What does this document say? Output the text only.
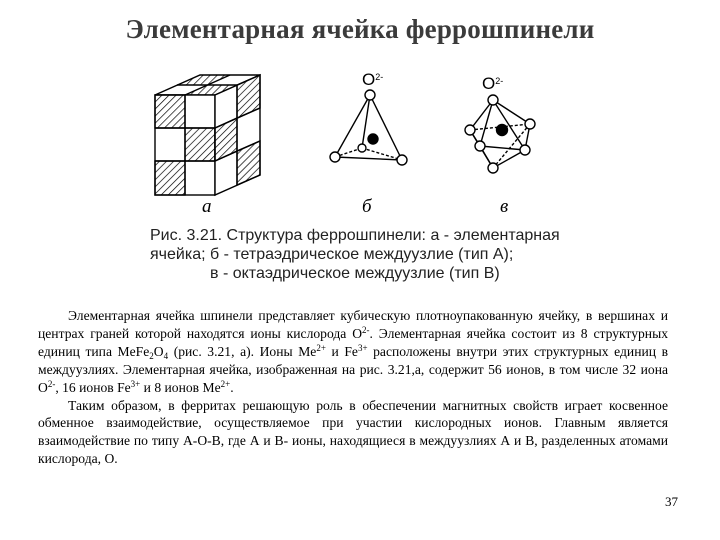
Элементарная ячейка феррошпинели
$O^{2-}$	$O^{2-}$
а	б	в
Рис. 3.21. Структура феррошпинели: а - элементарная
ячейка; б - тетраэдрическое междуузлие (тип A);
в - октаэдрическое междуузлие (тип B)

Элементарная ячейка шпинели представляет кубическую плотноупакованную ячейку, в вершинах и центрах граней которой находятся ионы кислорода $O^{2-}$. Элементарная ячейка состоит из 8 структурных единиц типа $MeFe_2O_4$ (рис. 3.21, а). Ионы $Me^{2+}$ и $Fe^{3+}$ расположены внутри этих структурных единиц в междуузлиях. Элементарная ячейка, изображенная на рис. 3.21,а, содержит 56 ионов, в том числе 32 иона $O^{2-}$, 16 ионов $Fe^{3+}$ и 8 ионов $Me^{2+}$.

Таким образом, в ферритах решающую роль в обеспечении магнитных свойств играет косвенное обменное взаимодействие, осуществляемое при участии кислородных ионов. Главным является взаимодействие по типу А-О-В, где А и В- ионы, находящиеся в междуузлиях А и В, разделенных атомами кислорода, О.

37
